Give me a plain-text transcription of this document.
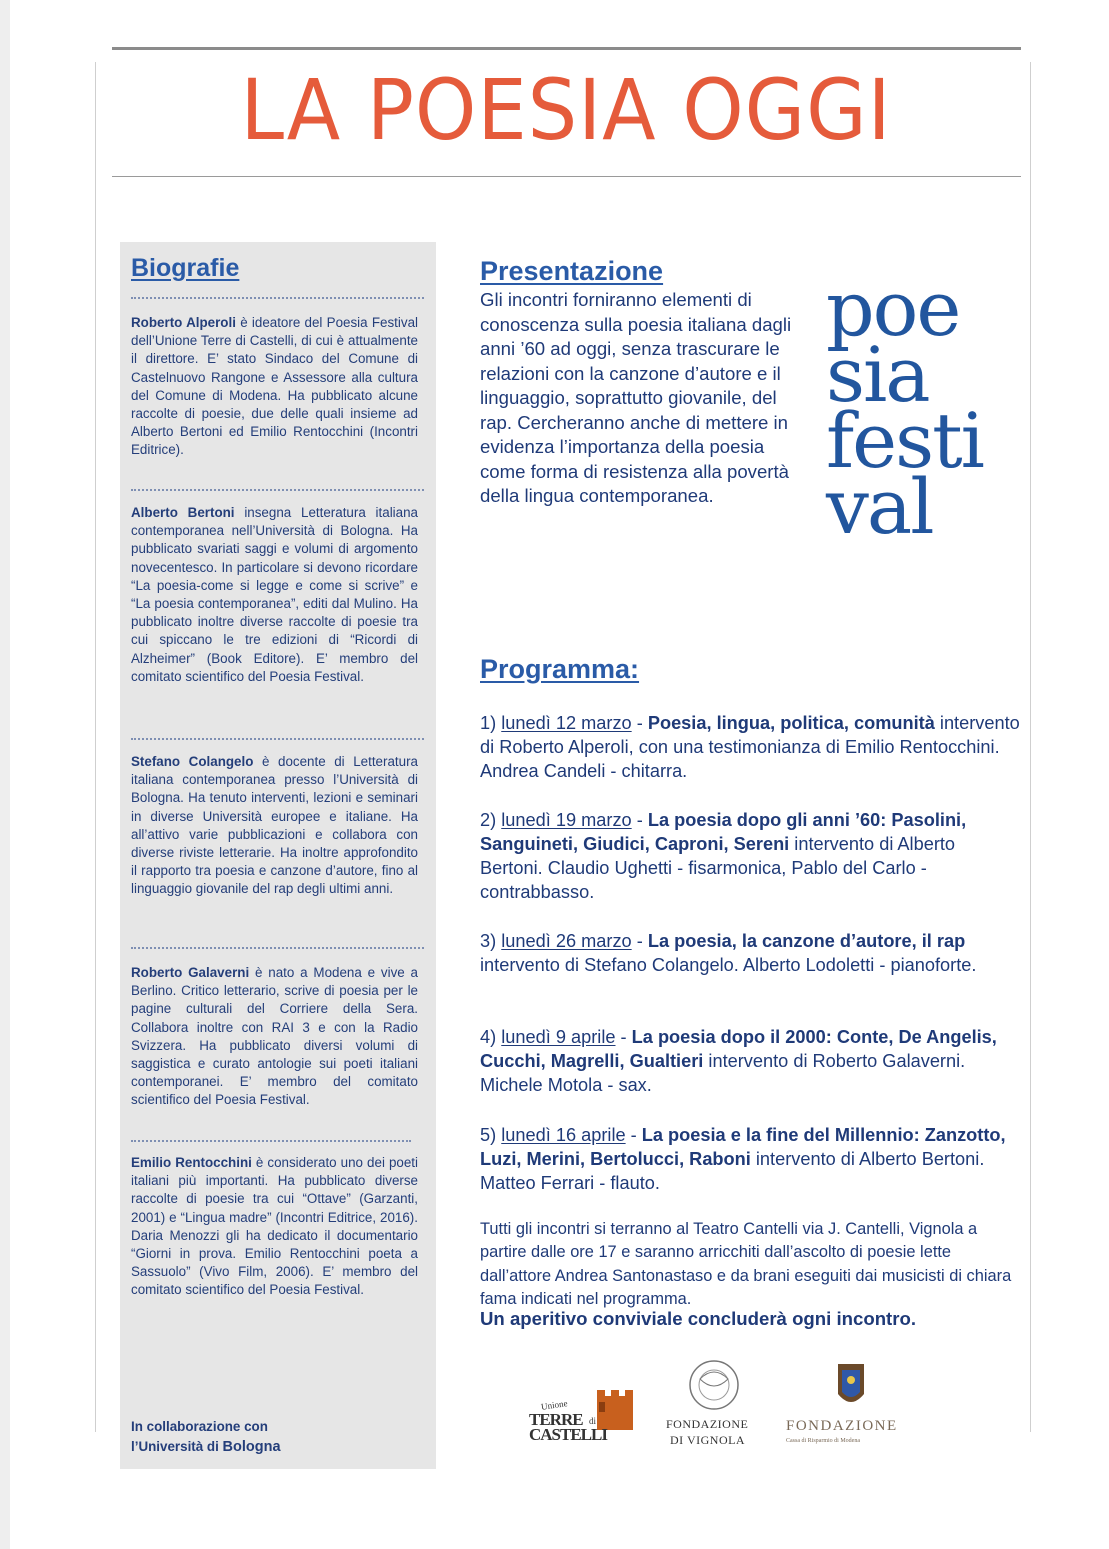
LA POESIA OGGI
Biografie

Roberto Alperoli è ideatore del Poesia Festival dell’Unione Terre di Castelli, di cui è attualmente il direttore. E’ stato Sindaco del Comune di Castelnuovo Rangone e Assessore alla cultura del Comune di Modena. Ha pubblicato alcune raccolte di poesie, due delle quali insieme ad Alberto Bertoni ed Emilio Rentocchini (Incontri Editrice).

Alberto Bertoni insegna Letteratura italiana contemporanea nell’Università di Bologna. Ha pubblicato svariati saggi e volumi di argomento novecentesco. In particolare si devono ricordare “La poesia-come si legge e come si scrive” e “La poesia contemporanea”, editi dal Mulino. Ha pubblicato inoltre diverse raccolte di poesie tra cui spiccano le tre edizioni di “Ricordi di Alzheimer” (Book Editore). E’ membro del comitato scientifico del Poesia Festival.

Stefano Colangelo è docente di Letteratura italiana contemporanea presso l’Università di Bologna. Ha tenuto interventi, lezioni e seminari in diverse Università europee e italiane. Ha all’attivo varie pubblicazioni e collabora con diverse riviste letterarie. Ha inoltre approfondito il rapporto tra poesia e canzone d’autore, fino al linguaggio giovanile del rap degli ultimi anni.

Roberto Galaverni è nato a Modena e vive a Berlino. Critico letterario, scrive di poesia per le pagine culturali del Corriere della Sera. Collabora inoltre con RAI 3 e con la Radio Svizzera. Ha pubblicato diversi volumi di saggistica e curato antologie sui poeti italiani contemporanei. E’ membro del comitato scientifico del Poesia Festival.

Emilio Rentocchini è considerato uno dei poeti italiani più importanti. Ha pubblicato diverse raccolte di poesie tra cui “Ottave” (Garzanti, 2001) e “Lingua madre” (Incontri Editrice, 2016). Daria Menozzi gli ha dedicato il documentario “Giorni in prova. Emilio Rentocchini poeta a Sassuolo” (Vivo Film, 2006). E’ membro del comitato scientifico del Poesia Festival.

In collaborazione con
l’Università di Bologna
Presentazione

Gli incontri forniranno elementi di conoscenza sulla poesia italiana dagli anni ’60 ad oggi, senza trascurare le relazioni con la canzone d’autore e il linguaggio, soprattutto giovanile, del rap. Cercheranno anche di mettere in evidenza l’importanza della poesia come forma di resistenza alla povertà della lingua contemporanea.

poe
sia
festi
val
Programma:

1) lunedì 12 marzo - Poesia, lingua, politica, comunità intervento di Roberto Alperoli, con una testimonianza di Emilio Rentocchini. Andrea Candeli - chitarra.

2) lunedì 19 marzo - La poesia dopo gli anni ’60: Pasolini, Sanguineti, Giudici, Caproni, Sereni intervento di Alberto Bertoni. Claudio Ughetti - fisarmonica, Pablo del Carlo - contrabbasso.

3) lunedì 26 marzo - La poesia, la canzone d’autore, il rap intervento di Stefano Colangelo. Alberto Lodoletti - pianoforte.

4) lunedì 9 aprile - La poesia dopo il 2000: Conte, De Angelis, Cucchi, Magrelli, Gualtieri intervento di Roberto Galaverni. Michele Motola - sax.

5) lunedì 16 aprile - La poesia e la fine del Millennio: Zanzotto, Luzi, Merini, Bertolucci, Raboni intervento di Alberto Bertoni. Matteo Ferrari - flauto.

Tutti gli incontri si terranno al Teatro Cantelli via J. Cantelli, Vignola a partire dalle ore 17 e saranno arricchiti dall’ascolto di poesie lette dall’attore Andrea Santonastaso e da brani eseguiti dai musicisti di chiara fama indicati nel programma.

Un aperitivo conviviale concluderà ogni incontro.
Unione
TERRE di
CASTELLI
FONDAZIONE
DI VIGNOLA
FONDAZIONE
Cassa di Risparmio di Modena
